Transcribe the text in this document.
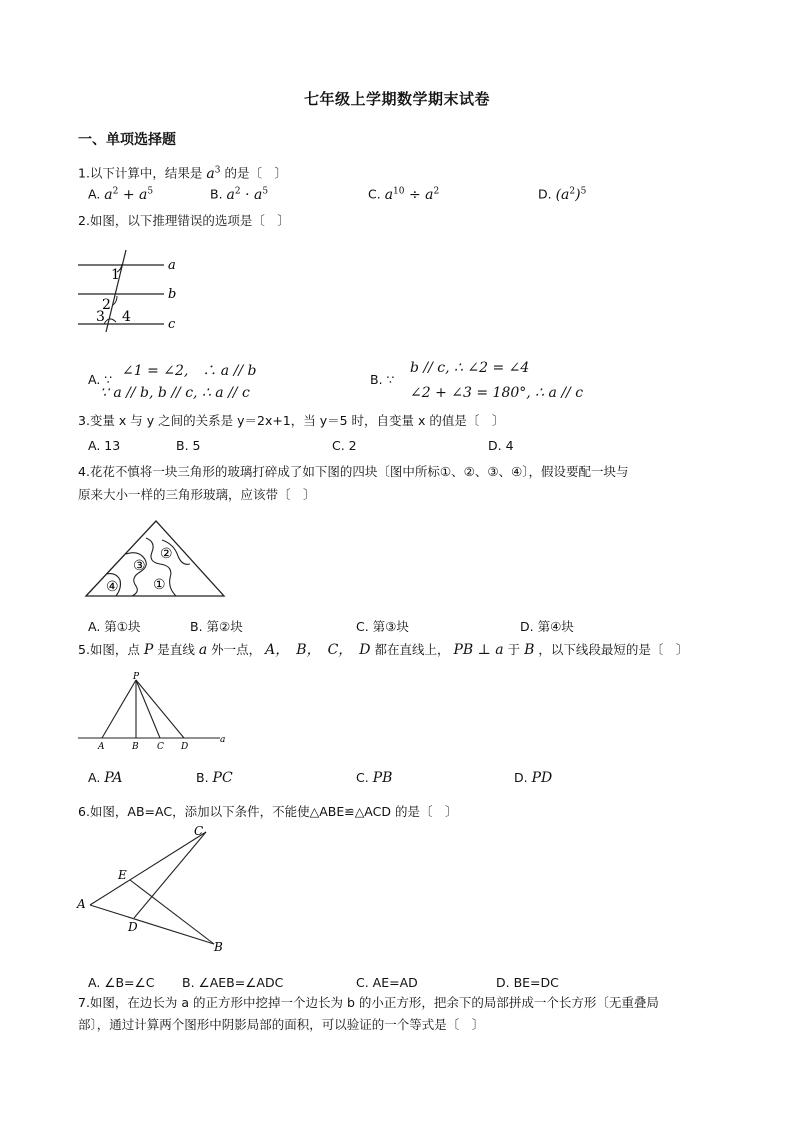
七年级上学期数学期末试卷
一、单项选择题
1.以下计算中，结果是 $a^3$ 的是〔　〕
A. $a^2 + a^5$	B. $a^2 \cdot a^5$	C. $a^{10} \div a^2$	D. $(a^2)^5$
2.如图，以下推理错误的选项是〔　〕
a
b
c
1
2
3 4
A. ∵
∠1 = ∠2,　∴ a // b
∵ a // b, b // c, ∴ a // c
B. ∵
b // c, ∴ ∠2 = ∠4
∠2 + ∠3 = 180°, ∴ a // c
3.变量 x 与 y 之间的关系是 y＝2x+1，当 y＝5 时，自变量 x 的值是〔　〕
A. 13	B. 5	C. 2	D. 4
4.花花不慎将一块三角形的玻璃打碎成了如下图的四块〔图中所标①、②、③、④〕，假设要配一块与
原来大小一样的三角形玻璃，应该带〔　〕
②
③
①
④
A. 第①块	B. 第②块	C. 第③块	D. 第④块
5.如图，点 P 是直线 a 外一点， A，　B，　C，　D 都在直线上， PB ⊥ a 于 B ，以下线段最短的是〔　〕
P
A	B C D
a
A. PA	B. PC	C. PB	D. PD
6.如图，AB=AC，添加以下条件，不能使△ABE≌△ACD 的是〔　〕
A
C
E
D
B
A. ∠B=∠C B. ∠AEB=∠ADC	C. AE=AD	D. BE=DC
7.如图，在边长为 a 的正方形中挖掉一个边长为 b 的小正方形，把余下的局部拼成一个长方形〔无重叠局
部〕，通过计算两个图形中阴影局部的面积，可以验证的一个等式是〔　〕
